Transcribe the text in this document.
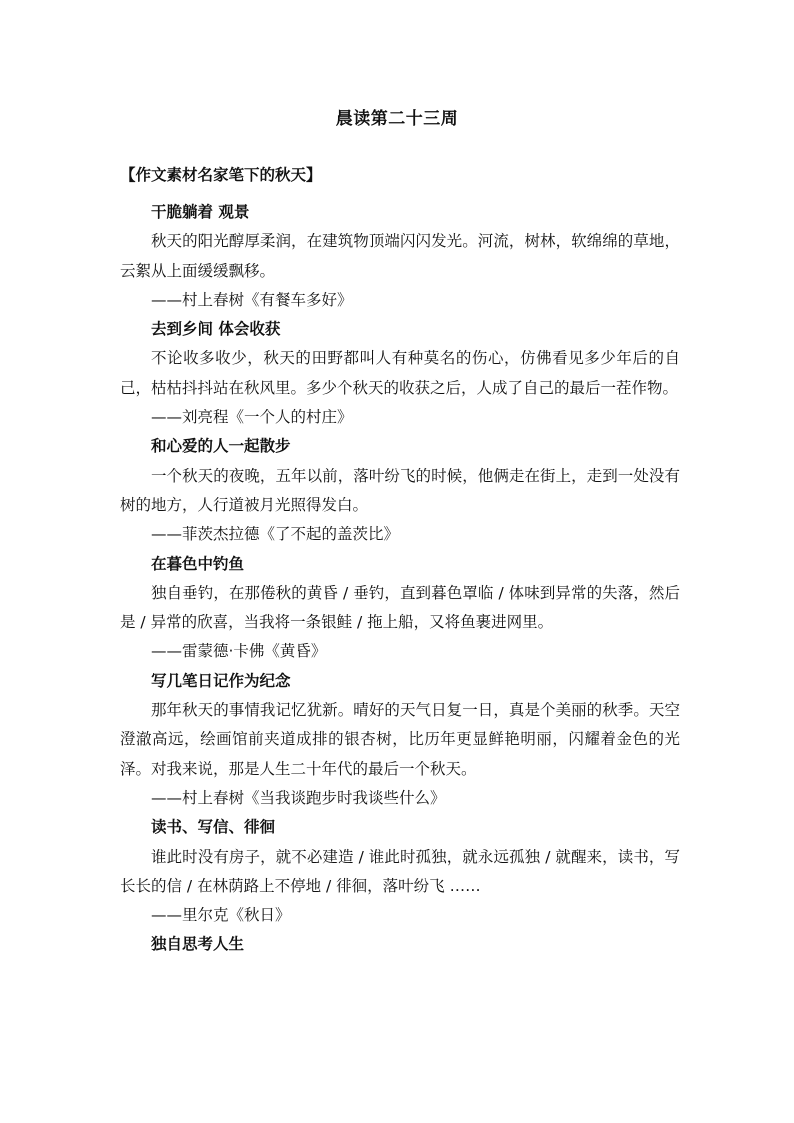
晨读第二十三周
【作文素材名家笔下的秋天】

干脆躺着 观景

秋天的阳光醇厚柔润，在建筑物顶端闪闪发光。河流，树林，软绵绵的草地，云絮从上面缓缓飘移。

——村上春树《有餐车多好》

去到乡间 体会收获

不论收多收少，秋天的田野都叫人有种莫名的伤心，仿佛看见多少年后的自己，枯枯抖抖站在秋风里。多少个秋天的收获之后，人成了自己的最后一茬作物。

——刘亮程《一个人的村庄》

和心爱的人一起散步

一个秋天的夜晚，五年以前，落叶纷飞的时候，他俩走在街上，走到一处没有树的地方，人行道被月光照得发白。

——菲茨杰拉德《了不起的盖茨比》

在暮色中钓鱼

独自垂钓，在那倦秋的黄昏 / 垂钓，直到暮色罩临 / 体味到异常的失落，然后是 / 异常的欣喜，当我将一条银鲑 / 拖上船，又将鱼裹进网里。

——雷蒙德·卡佛《黄昏》

写几笔日记作为纪念

那年秋天的事情我记忆犹新。晴好的天气日复一日，真是个美丽的秋季。天空澄澈高远，绘画馆前夹道成排的银杏树，比历年更显鲜艳明丽，闪耀着金色的光泽。对我来说，那是人生二十年代的最后一个秋天。

——村上春树《当我谈跑步时我谈些什么》

读书、写信、徘徊

谁此时没有房子，就不必建造 / 谁此时孤独，就永远孤独 / 就醒来，读书，写长长的信 / 在林荫路上不停地 / 徘徊，落叶纷飞 ……

——里尔克《秋日》

独自思考人生
